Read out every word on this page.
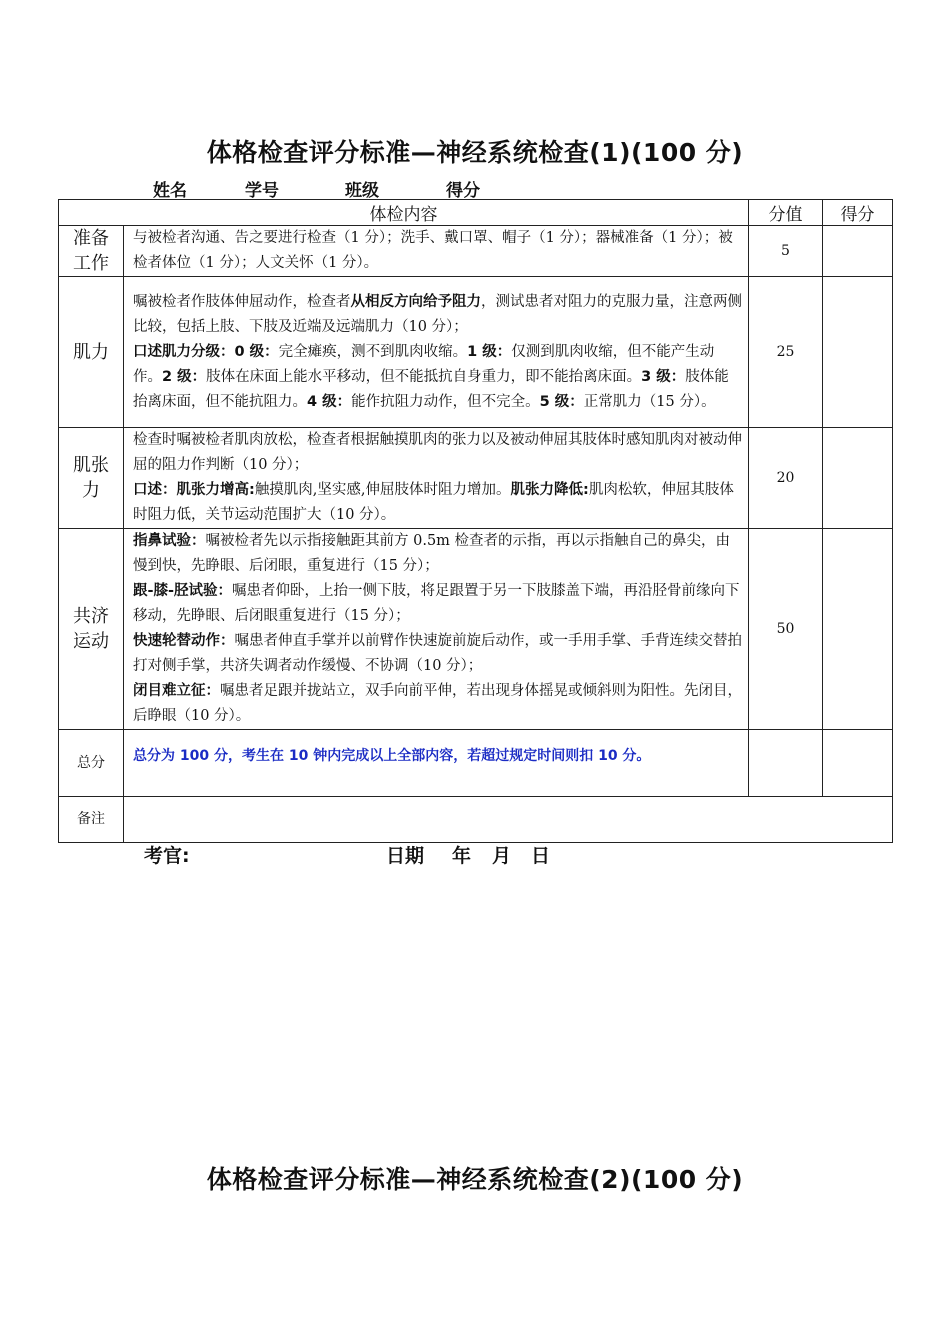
体格检查评分标准—神经系统检查(1)(100 分)
姓名	学号	班级	得分
体检内容		分值	得分
准备工作	与被检者沟通、告之要进行检查（1 分）；洗手、戴口罩、帽子（1 分）；器械准备（1 分）；被检者体位（1 分）；人文关怀（1 分）。	5	
肌力	嘱被检者作肢体伸屈动作，检查者从相反方向给予阻力，测试患者对阻力的克服力量，注意两侧比较，包括上肢、下肢及近端及远端肌力（10 分）；
口述肌力分级：0 级：完全瘫痪，测不到肌肉收缩。1 级：仅测到肌肉收缩，但不能产生动作。2 级：肢体在床面上能水平移动，但不能抵抗自身重力，即不能抬离床面。3 级：肢体能抬离床面，但不能抗阻力。4 级：能作抗阻力动作，但不完全。5 级：正常肌力（15 分）。	25	
肌张力	检查时嘱被检者肌肉放松，检查者根据触摸肌肉的张力以及被动伸屈其肢体时感知肌肉对被动伸屈的阻力作判断（10 分）；
口述：肌张力增高:触摸肌肉,坚实感,伸屈肢体时阻力增加。肌张力降低:肌肉松软，伸屈其肢体时阻力低，关节运动范围扩大（10 分）。	20	
共济运动	指鼻试验：嘱被检者先以示指接触距其前方 0.5m 检查者的示指，再以示指触自己的鼻尖，由慢到快，先睁眼、后闭眼，重复进行（15 分）；
跟-膝-胫试验：嘱患者仰卧，上抬一侧下肢，将足跟置于另一下肢膝盖下端，再沿胫骨前缘向下移动，先睁眼、后闭眼重复进行（15 分）；
快速轮替动作：嘱患者伸直手掌并以前臂作快速旋前旋后动作，或一手用手掌、手背连续交替拍打对侧手掌，共济失调者动作缓慢、不协调（10 分）；
闭目难立征：嘱患者足跟并拢站立，双手向前平伸，若出现身体摇晃或倾斜则为阳性。先闭目，后睁眼（10 分）。	50	
总分	总分为 100 分，考生在 10 钟内完成以上全部内容，若超过规定时间则扣 10 分。		
备注			
考官:	日期 年 月 日
体格检查评分标准—神经系统检查(2)(100 分)
